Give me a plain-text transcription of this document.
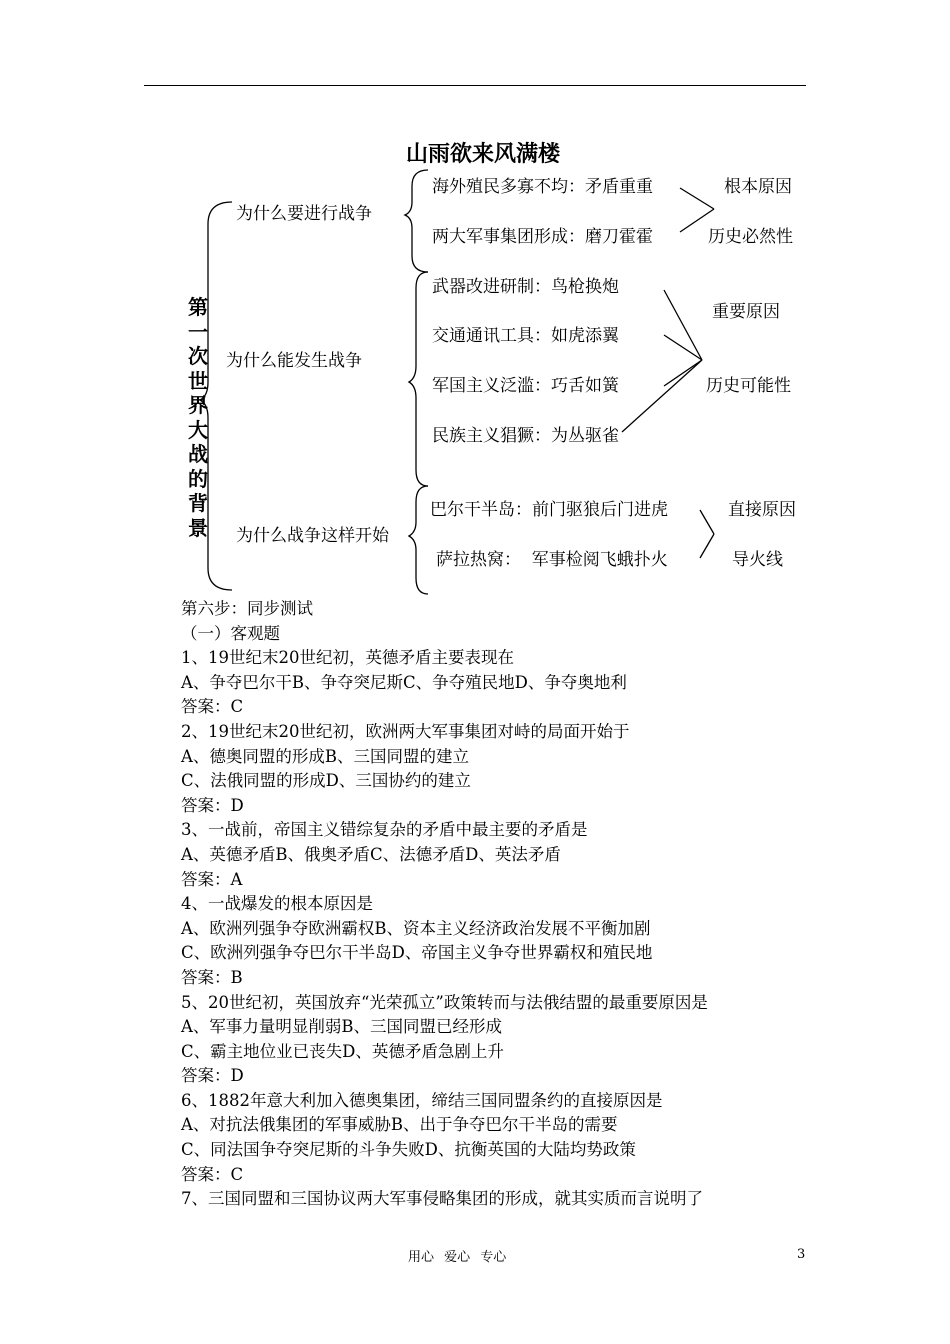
山雨欲来风满楼
第
一
次
世
界
大
战
的
背
景
为什么要进行战争
海外殖民多寡不均：矛盾重重
两大军事集团形成：磨刀霍霍
根本原因
历史必然性
为什么能发生战争
武器改进研制：鸟枪换炮
交通通讯工具：如虎添翼
军国主义泛滥：巧舌如簧
民族主义猖獗：为丛驱雀
重要原因
历史可能性
为什么战争这样开始
巴尔干半岛：前门驱狼后门进虎
萨拉热窝：  军事检阅飞蛾扑火
直接原因
导火线
第六步：同步测试
（一）客观题
1、19世纪末20世纪初，英德矛盾主要表现在
A、争夺巴尔干B、争夺突尼斯C、争夺殖民地D、争夺奥地利
答案：C
2、19世纪末20世纪初，欧洲两大军事集团对峙的局面开始于
A、德奥同盟的形成B、三国同盟的建立
C、法俄同盟的形成D、三国协约的建立
答案：D
3、一战前，帝国主义错综复杂的矛盾中最主要的矛盾是
A、英德矛盾B、俄奥矛盾C、法德矛盾D、英法矛盾
答案：A
4、一战爆发的根本原因是
A、欧洲列强争夺欧洲霸权B、资本主义经济政治发展不平衡加剧
C、欧洲列强争夺巴尔干半岛D、帝国主义争夺世界霸权和殖民地
答案：B
5、20世纪初，英国放弃“光荣孤立”政策转而与法俄结盟的最重要原因是
A、军事力量明显削弱B、三国同盟已经形成
C、霸主地位业已丧失D、英德矛盾急剧上升
答案：D
6、1882年意大利加入德奥集团，缔结三国同盟条约的直接原因是
A、对抗法俄集团的军事威胁B、出于争夺巴尔干半岛的需要
C、同法国争夺突尼斯的斗争失败D、抗衡英国的大陆均势政策
答案：C
7、三国同盟和三国协议两大军事侵略集团的形成，就其实质而言说明了
用心 爱心 专心	3
